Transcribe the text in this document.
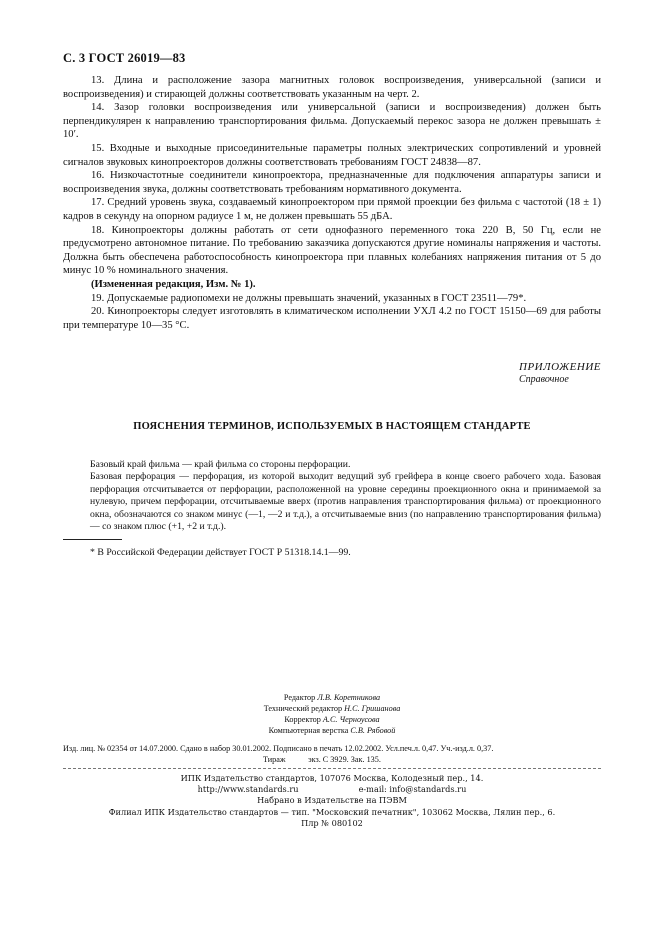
С. 3 ГОСТ 26019—83

13. Длина и расположение зазора магнитных головок воспроизведения, универсальной (записи и воспроизведения) и стирающей должны соответствовать указанным на черт. 2.

14. Зазор головки воспроизведения или универсальной (записи и воспроизведения) должен быть перпендикулярен к направлению транспортирования фильма. Допускаемый перекос зазора не должен превышать ± 10′.

15. Входные и выходные присоединительные параметры полных электрических сопротивлений и уровней сигналов звуковых кинопроекторов должны соответствовать требованиям ГОСТ 24838—87.

16. Низкочастотные соединители кинопроектора, предназначенные для подключения аппаратуры записи и воспроизведения звука, должны соответствовать требованиям нормативного документа.

17. Средний уровень звука, создаваемый кинопроектором при прямой проекции без фильма с частотой (18 ± 1) кадров в секунду на опорном радиусе 1 м, не должен превышать 55 дБА.

18. Кинопроекторы должны работать от сети однофазного переменного тока 220 В, 50 Гц, если не предусмотрено автономное питание. По требованию заказчика допускаются другие номиналы напряжения и частоты. Должна быть обеспечена работоспособность кинопроектора при плавных колебаниях напряжения питания от 5 до минус 10 % номинального значения.

(Измененная редакция, Изм. № 1).

19. Допускаемые радиопомехи не должны превышать значений, указанных в ГОСТ 23511—79*.

20. Кинопроекторы следует изготовлять в климатическом исполнении УХЛ 4.2 по ГОСТ 15150—69 для работы при температуре 10—35 °С.

ПРИЛОЖЕНИЕ
Справочное
ПОЯСНЕНИЯ ТЕРМИНОВ, ИСПОЛЬЗУЕМЫХ В НАСТОЯЩЕМ СТАНДАРТЕ

Базовый край фильма — край фильма со стороны перфорации.

Базовая перфорация — перфорация, из которой выходит ведущий зуб грейфера в конце своего рабочего хода. Базовая перфорация отсчитывается от перфорации, расположенной на уровне середины проекционного окна и принимаемой за нулевую, причем перфорации, отсчитываемые вверх (против направления транспортирования фильма) от проекционного окна, обозначаются со знаком минус (—1, —2 и т.д.), а отсчитываемые вниз (по направлению транспортирования фильма) — со знаком плюс (+1, +2 и т.д.).

* В Российской Федерации действует ГОСТ Р 51318.14.1—99.
Редактор Л.В. Коретникова
Технический редактор Н.С. Гришанова
Корректор А.С. Черноусова
Компьютерная верстка С.В. Рябовой
Изд. лиц. № 02354 от 14.07.2000. Сдано в набор 30.01.2002. Подписано в печать 12.02.2002. Усл.печ.л. 0,47. Уч.-изд.л. 0,37.
Тираж           экз. С 3929. Зак. 135.
ИПК Издательство стандартов, 107076 Москва, Колодезный пер., 14.
http://www.standards.ru	e-mail: info@standards.ru
Набрано в Издательстве на ПЭВМ
Филиал ИПК Издательство стандартов — тип. "Московский печатник", 103062 Москва, Лялин пер., 6.
Плр № 080102
